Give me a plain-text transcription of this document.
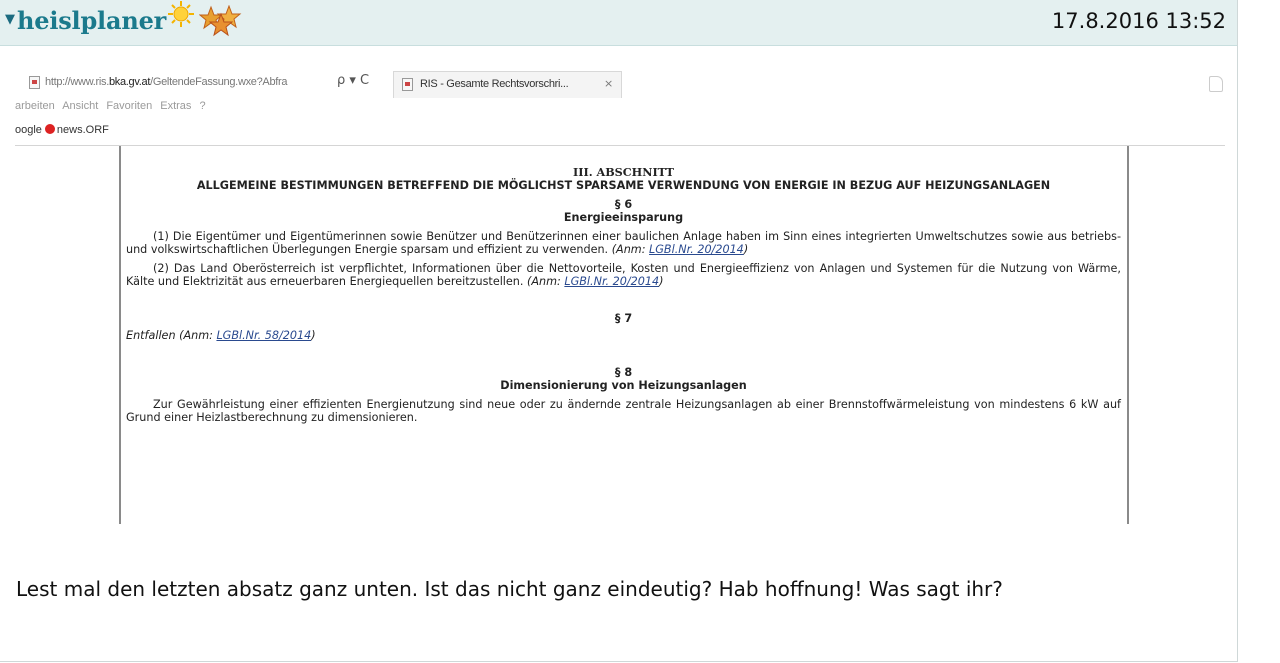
▼ heislplaner	17.8.2016 13:52
http://www.ris.bka.gv.at/GeltendeFassung.wxe?Abfra	ρ ▾ C	RIS - Gesamte Rechtsvorschri...	×
arbeiten Ansicht Favoriten Extras ?
oogle news.ORF
III. ABSCHNITT
ALLGEMEINE BESTIMMUNGEN BETREFFEND DIE MÖGLICHST SPARSAME VERWENDUNG VON ENERGIE IN BEZUG AUF HEIZUNGSANLAGEN
§ 6
Energieeinsparung
(1) Die Eigentümer und Eigentümerinnen sowie Benützer und Benützerinnen einer baulichen Anlage haben im Sinn eines integrierten Umweltschutzes sowie aus betriebs- und volkswirtschaftlichen Überlegungen Energie sparsam und effizient zu verwenden. (Anm: LGBl.Nr. 20/2014)
(2) Das Land Oberösterreich ist verpflichtet, Informationen über die Nettovorteile, Kosten und Energieeffizienz von Anlagen und Systemen für die Nutzung von Wärme, Kälte und Elektrizität aus erneuerbaren Energiequellen bereitzustellen. (Anm: LGBl.Nr. 20/2014)
§ 7
Entfallen (Anm: LGBl.Nr. 58/2014)
§ 8
Dimensionierung von Heizungsanlagen
Zur Gewährleistung einer effizienten Energienutzung sind neue oder zu ändernde zentrale Heizungsanlagen ab einer Brennstoffwärmeleistung von mindestens 6 kW auf Grund einer Heizlastberechnung zu dimensionieren.
Lest mal den letzten absatz ganz unten. Ist das nicht ganz eindeutig? Hab hoffnung! Was sagt ihr?
